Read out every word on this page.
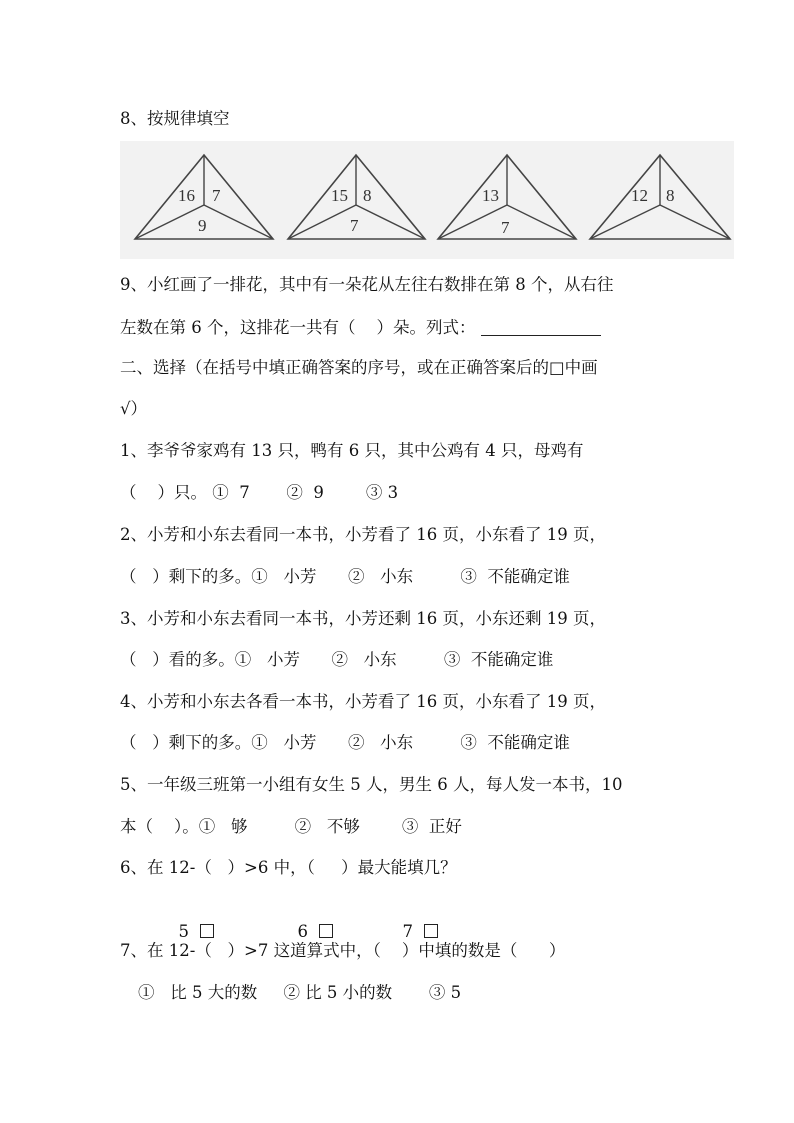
8、按规律填空
16 7
9
15 8
7
13
7
12 8
9、小红画了一排花，其中有一朵花从左往右数排在第 8 个，从右往
左数在第 6 个，这排花一共有（    ）朵。列式：
二、选择（在括号中填正确答案的序号，或在正确答案后的□中画
√）
1、李爷爷家鸡有 13 只，鸭有 6 只，其中公鸡有 4 只，母鸡有
（    ）只。 ①  7       ②  9        ③ 3
2、小芳和小东去看同一本书，小芳看了 16 页，小东看了 19 页，
（   ）剩下的多。①   小芳      ②   小东         ③  不能确定谁
3、小芳和小东去看同一本书，小芳还剩 16 页，小东还剩 19 页，
（   ）看的多。①   小芳      ②   小东         ③  不能确定谁
4、小芳和小东去各看一本书，小芳看了 16 页，小东看了 19 页，
（   ）剩下的多。①   小芳      ②   小东         ③  不能确定谁
5、一年级三班第一小组有女生 5 人，男生 6 人，每人发一本书，10
本（    ）。①   够         ②   不够        ③  正好
6、在 12-（   ）>6 中，（     ）最大能填几？

5	6	7

7、在 12-（   ）>7 这道算式中，（    ）中填的数是（      ）
①   比 5 大的数     ② 比 5 小的数       ③ 5
